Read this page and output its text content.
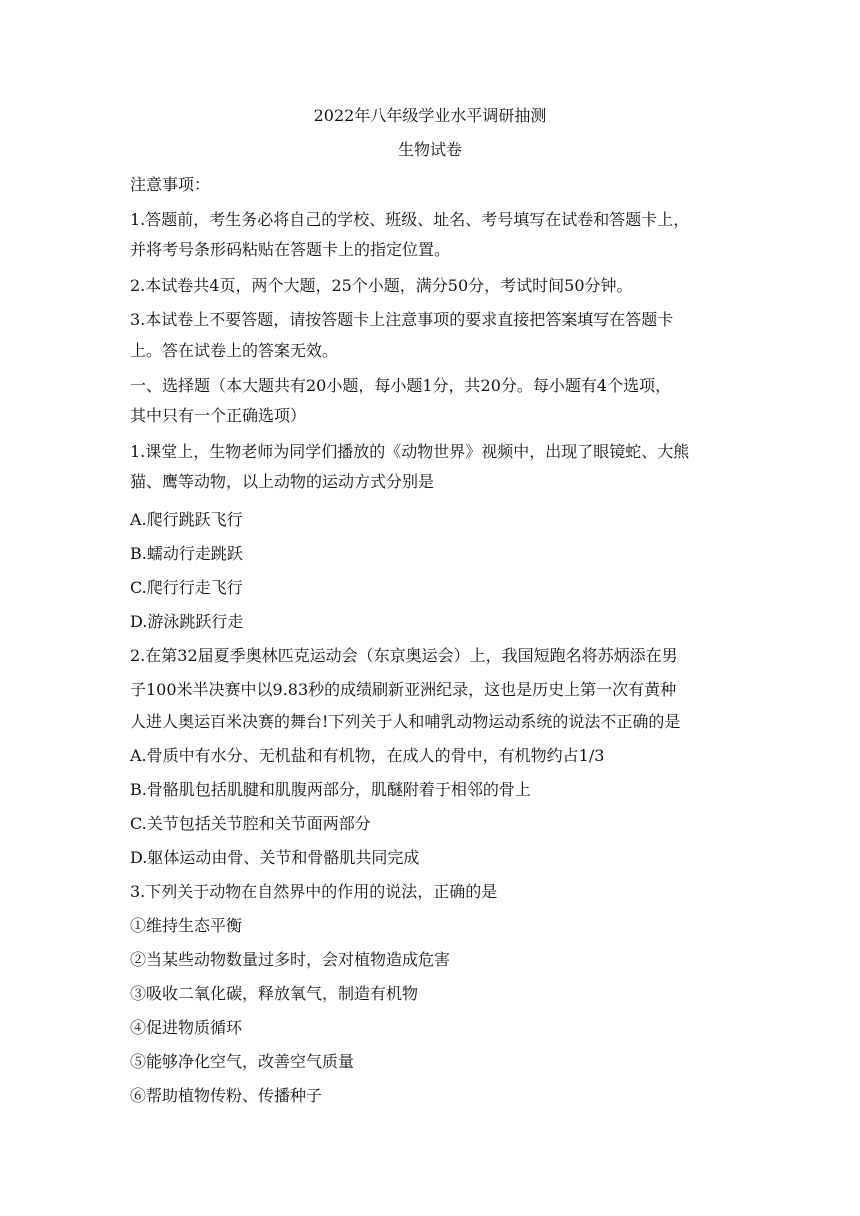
2022年八年级学业水平调研抽测
生物试卷
注意事项：
1.答题前，考生务必将自己的学校、班级、址名、考号填写在试卷和答题卡上，
并将考号条形码粘贴在答题卡上的指定位置。
2.本试卷共4页，两个大题，25个小题，满分50分，考试时间50分钟。
3.本试卷上不要答题，请按答题卡上注意事项的要求直接把答案填写在答题卡
上。答在试卷上的答案无效。
一、选择题（本大题共有20小题，每小题1分，共20分。每小题有4个选项，
其中只有一个正确选项）
1.课堂上，生物老师为同学们播放的《动物世界》视频中，出现了眼镜蛇、大熊
猫、鹰等动物，以上动物的运动方式分别是
A.爬行跳跃飞行
B.蠕动行走跳跃
C.爬行行走飞行
D.游泳跳跃行走
2.在第32届夏季奥林匹克运动会（东京奥运会）上，我国短跑名将苏炳添在男
子100米半决赛中以9.83秒的成绩刷新亚洲纪录，这也是历史上第一次有黄种
人进人奥运百米决赛的舞台!下列关于人和哺乳动物运动系统的说法不正确的是
A.骨质中有水分、无机盐和有机物，在成人的骨中，有机物约占1/3
B.骨骼肌包括肌腱和肌腹两部分，肌醚附着于相邻的骨上
C.关节包括关节腔和关节面两部分
D.躯体运动由骨、关节和骨骼肌共同完成
3.下列关于动物在自然界中的作用的说法，正确的是
①维持生态平衡
②当某些动物数量过多时，会对植物造成危害
③吸收二氧化碳，释放氧气，制造有机物
④促进物质循环
⑤能够净化空气，改善空气质量
⑥帮助植物传粉、传播种子
